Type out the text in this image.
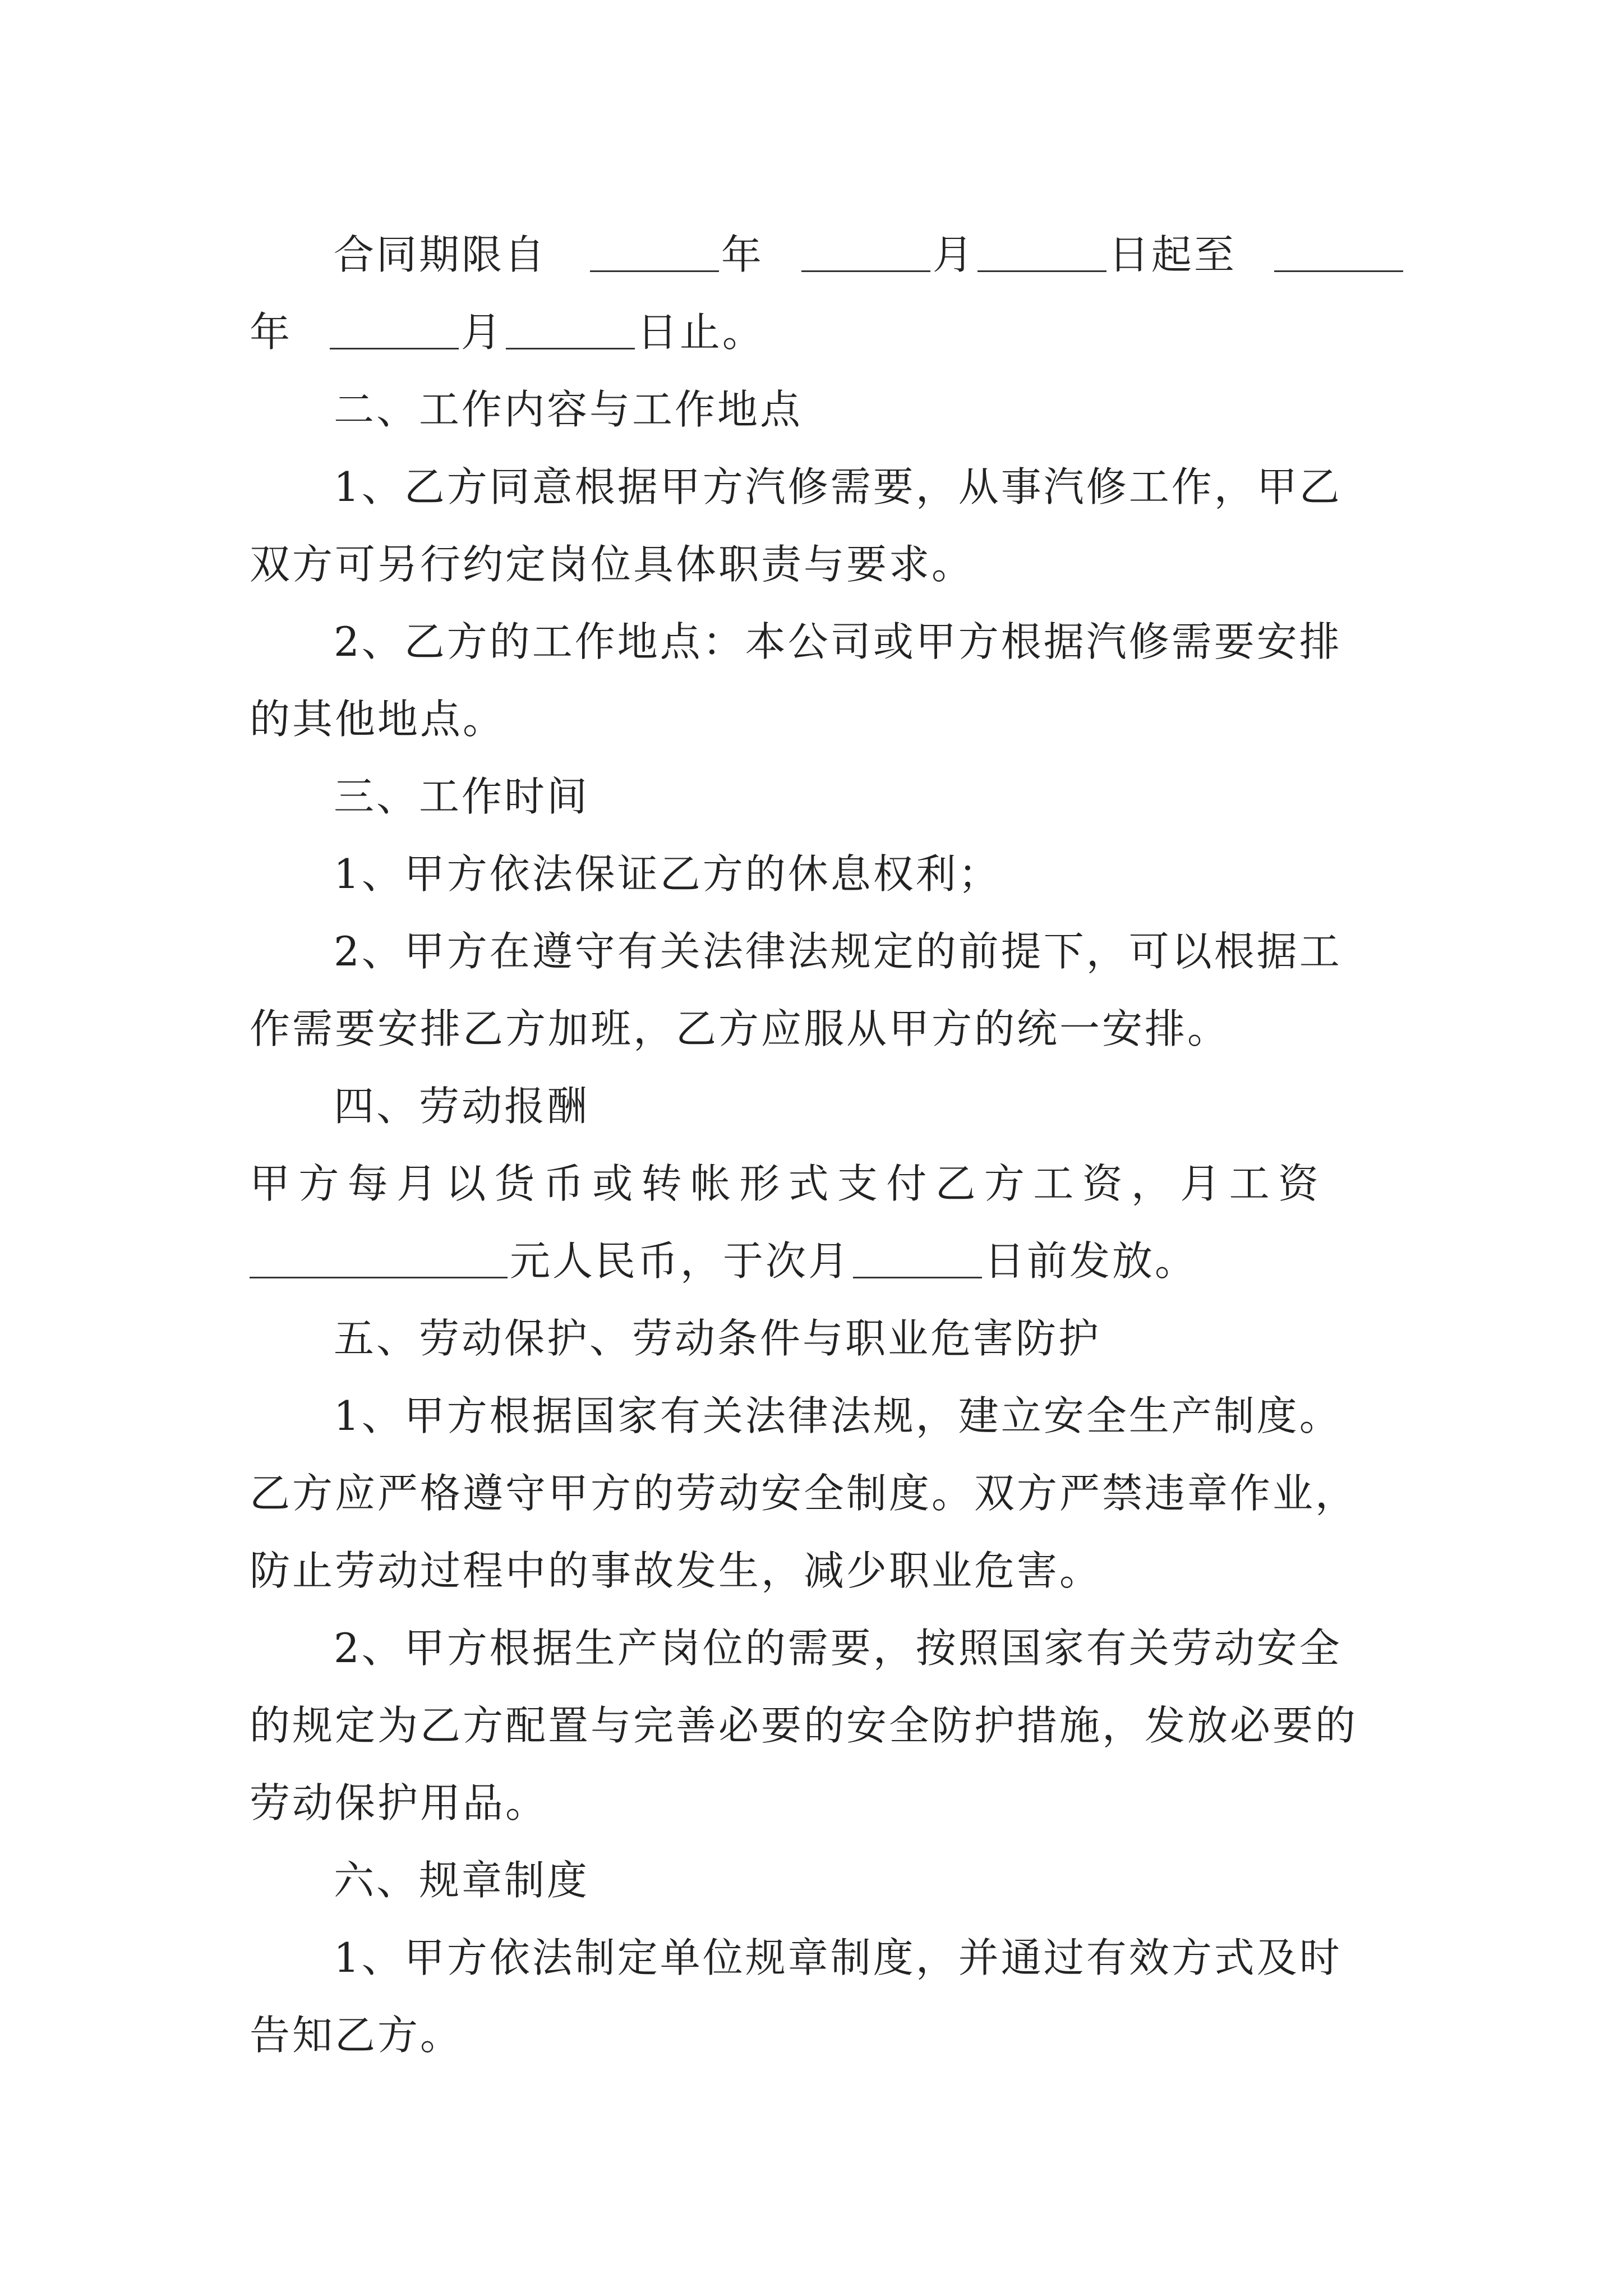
合同期限自	年	月	日起至
年	月	日止。
二、工作内容与工作地点
1、乙方同意根据甲方汽修需要，从事汽修工作，甲乙
双方可另行约定岗位具体职责与要求。
2、乙方的工作地点：本公司或甲方根据汽修需要安排
的其他地点。
三、工作时间
1、甲方依法保证乙方的休息权利；
2、甲方在遵守有关法律法规定的前提下，可以根据工
作需要安排乙方加班，乙方应服从甲方的统一安排。
四、劳动报酬
甲 方 每 月 以 货 币 或 转 帐 形 式 支 付 乙 方 工 资 ， 月 工 资
元人民币，于次月	日前发放。
五、劳动保护、劳动条件与职业危害防护
1、甲方根据国家有关法律法规，建立安全生产制度。
乙方应严格遵守甲方的劳动安全制度。双方严禁违章作业，
防止劳动过程中的事故发生，减少职业危害。
2、甲方根据生产岗位的需要，按照国家有关劳动安全
的规定为乙方配置与完善必要的安全防护措施，发放必要的
劳动保护用品。
六、规章制度
1、甲方依法制定单位规章制度，并通过有效方式及时
告知乙方。
